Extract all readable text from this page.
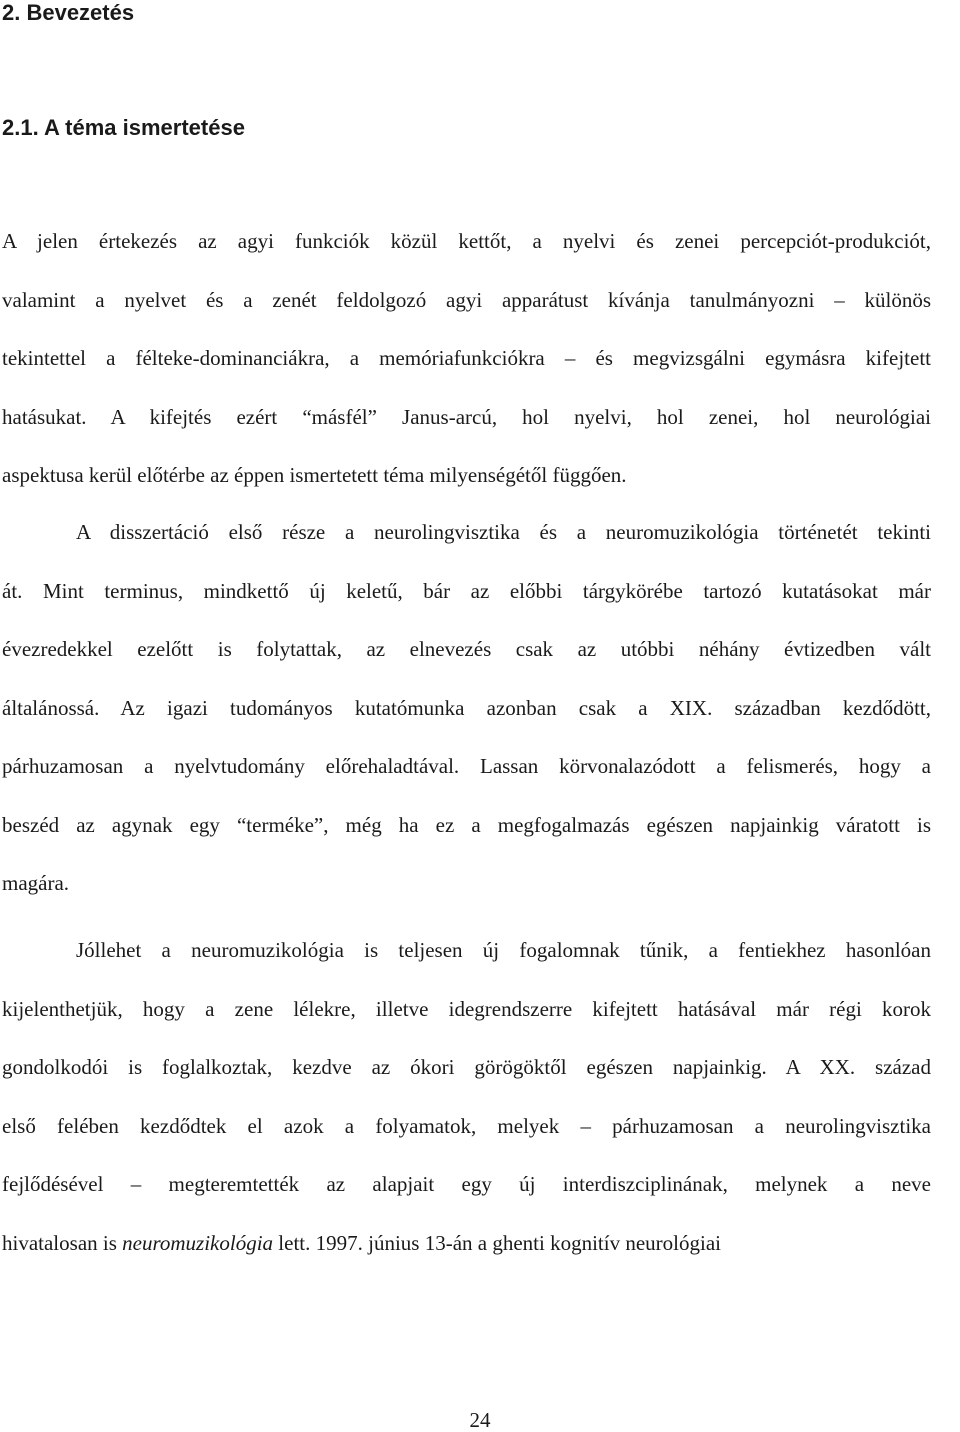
2. Bevezetés
2.1. A téma ismertetése

A jelen értekezés az agyi funkciók közül kettőt, a nyelvi és zenei percepciót-produkciót,
valamint a nyelvet és a zenét feldolgozó agyi apparátust kívánja tanulmányozni – különös
tekintettel a félteke-dominanciákra, a memóriafunkciókra – és megvizsgálni egymásra kifejtett
hatásukat. A kifejtés ezért “másfél” Janus-arcú, hol nyelvi, hol zenei, hol neurológiai
aspektusa kerül előtérbe az éppen ismertetett téma milyenségétől függően.

A disszertáció első része a neurolingvisztika és a neuromuzikológia történetét tekinti
át. Mint terminus, mindkettő új keletű, bár az előbbi tárgykörébe tartozó kutatásokat már
évezredekkel ezelőtt is folytattak, az elnevezés csak az utóbbi néhány évtizedben vált
általánossá. Az igazi tudományos kutatómunka azonban csak a XIX. században kezdődött,
párhuzamosan a nyelvtudomány előrehaladtával. Lassan körvonalazódott a felismerés, hogy a
beszéd az agynak egy “terméke”, még ha ez a megfogalmazás egészen napjainkig váratott is
magára.

Jóllehet a neuromuzikológia is teljesen új fogalomnak tűnik, a fentiekhez hasonlóan
kijelenthetjük, hogy a zene lélekre, illetve idegrendszerre kifejtett hatásával már régi korok
gondolkodói is foglalkoztak, kezdve az ókori görögöktől egészen napjainkig. A XX. század
első felében kezdődtek el azok a folyamatok, melyek – párhuzamosan a neurolingvisztika
fejlődésével – megteremtették az alapjait egy új interdiszciplinának, melynek a neve
hivatalosan is neuromuzikológia lett. 1997. június 13-án a ghenti kognitív neurológiai

24
